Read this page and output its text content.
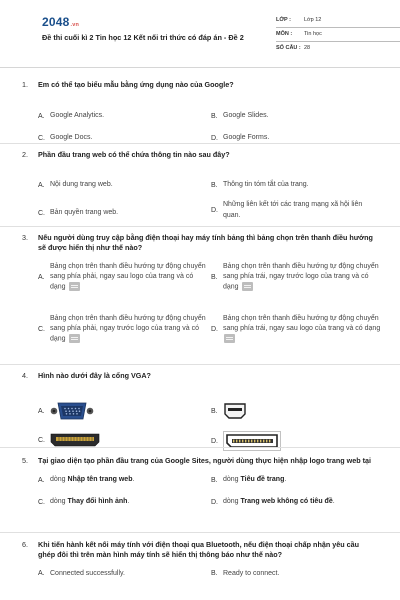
2048.vn
Đề thi cuối kì 2 Tin học 12 Kết nối tri thức có đáp án - Đề 2
LỚP :	Lớp 12
MÔN :	Tin học
SỐ CÂU : 28
1.	Em có thể tạo biểu mẫu bằng ứng dụng nào của Google?
A. Google Analytics.	B. Google Slides.
C. Google Docs.	D. Google Forms.
2.	Phần đầu trang web có thể chứa thông tin nào sau đây?
A. Nội dung trang web.	B. Thông tin tóm tắt của trang.
C. Bản quyền trang web.	D.
Những liên kết tới các trang mạng xã hội liên quan.
3.	Nếu người dùng truy cập bằng điện thoại hay máy tính bảng thì bảng chọn trên thanh điều hướng sẽ được hiển thị như thế nào?
A.
Bảng chọn trên thanh điều hướng tự động chuyển sang phía phải, ngay sau logo của trang và có dạng
B.
Bảng chọn trên thanh điều hướng tự động chuyển sang phía trái, ngay trước logo của trang và có dạng
C.
Bảng chọn trên thanh điều hướng tự động chuyển sang phía phải, ngay trước logo của trang và có dạng
D.
Bảng chọn trên thanh điều hướng tự động chuyển sang phía trái, ngay sau logo của trang và có dạng
4.	Hình nào dưới đây là cổng VGA?
A.	B.
C.	D.
5.	Tại giao diện tạo phần đầu trang của Google Sites, người dùng thực hiện nhập logo trang web tại
A. dòng Nhập tên trang web.	B. dòng Tiêu đề trang.
C. dòng Thay đổi hình ảnh.	D. dòng Trang web không có tiêu đề.
6.	Khi tiến hành kết nối máy tính với điện thoại qua Bluetooth, nếu điện thoại chấp nhận yêu cầu ghép đôi thì trên màn hình máy tính sẽ hiển thị thông báo như thế nào?
A. Connected successfully.	B. Ready to connect.
